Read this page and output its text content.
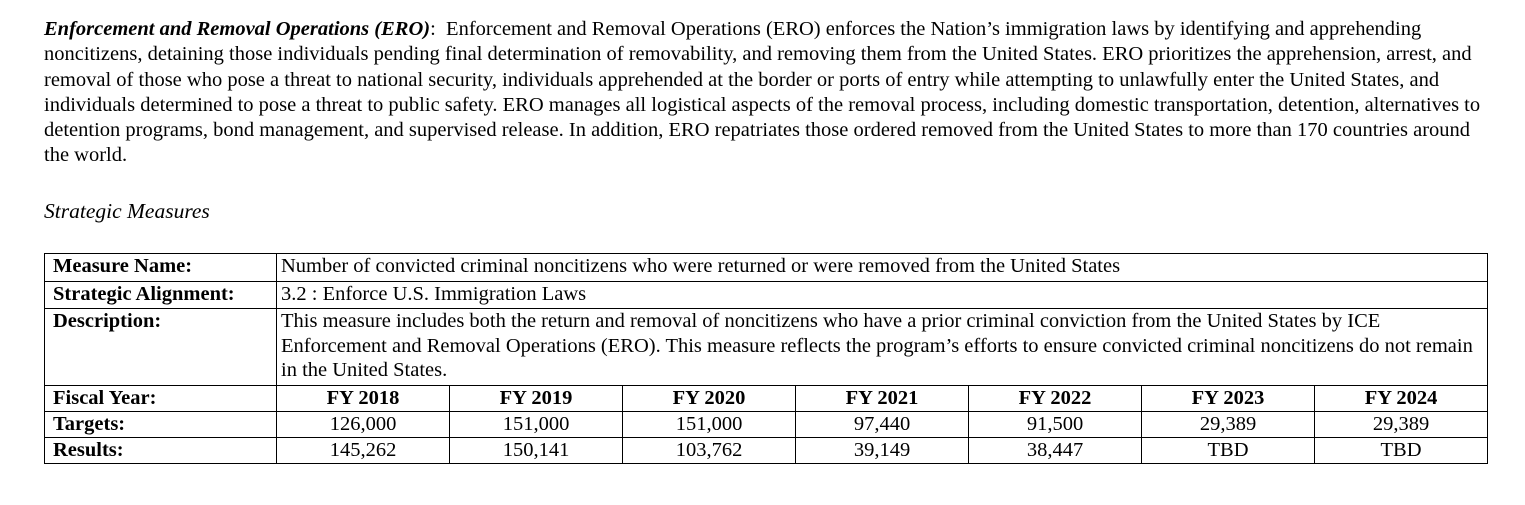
Enforcement and Removal Operations (ERO): Enforcement and Removal Operations (ERO) enforces the Nation’s immigration laws by identifying and apprehending noncitizens, detaining those individuals pending final determination of removability, and removing them from the United States. ERO prioritizes the apprehension, arrest, and removal of those who pose a threat to national security, individuals apprehended at the border or ports of entry while attempting to unlawfully enter the United States, and individuals determined to pose a threat to public safety. ERO manages all logistical aspects of the removal process, including domestic transportation, detention, alternatives to detention programs, bond management, and supervised release. In addition, ERO repatriates those ordered removed from the United States to more than 170 countries around the world.
Strategic Measures
Measure Name:	Number of convicted criminal noncitizens who were returned or were removed from the United States						
Strategic Alignment:	3.2 : Enforce U.S. Immigration Laws						
Description:	This measure includes both the return and removal of noncitizens who have a prior criminal conviction from the United States by ICE Enforcement and Removal Operations (ERO). This measure reflects the program’s efforts to ensure convicted criminal noncitizens do not remain in the United States.						
Fiscal Year:	FY 2018	FY 2019	FY 2020	FY 2021	FY 2022	FY 2023	FY 2024
Targets:	126,000	151,000	151,000	97,440	91,500	29,389	29,389
Results:	145,262	150,141	103,762	39,149	38,447	TBD	TBD
